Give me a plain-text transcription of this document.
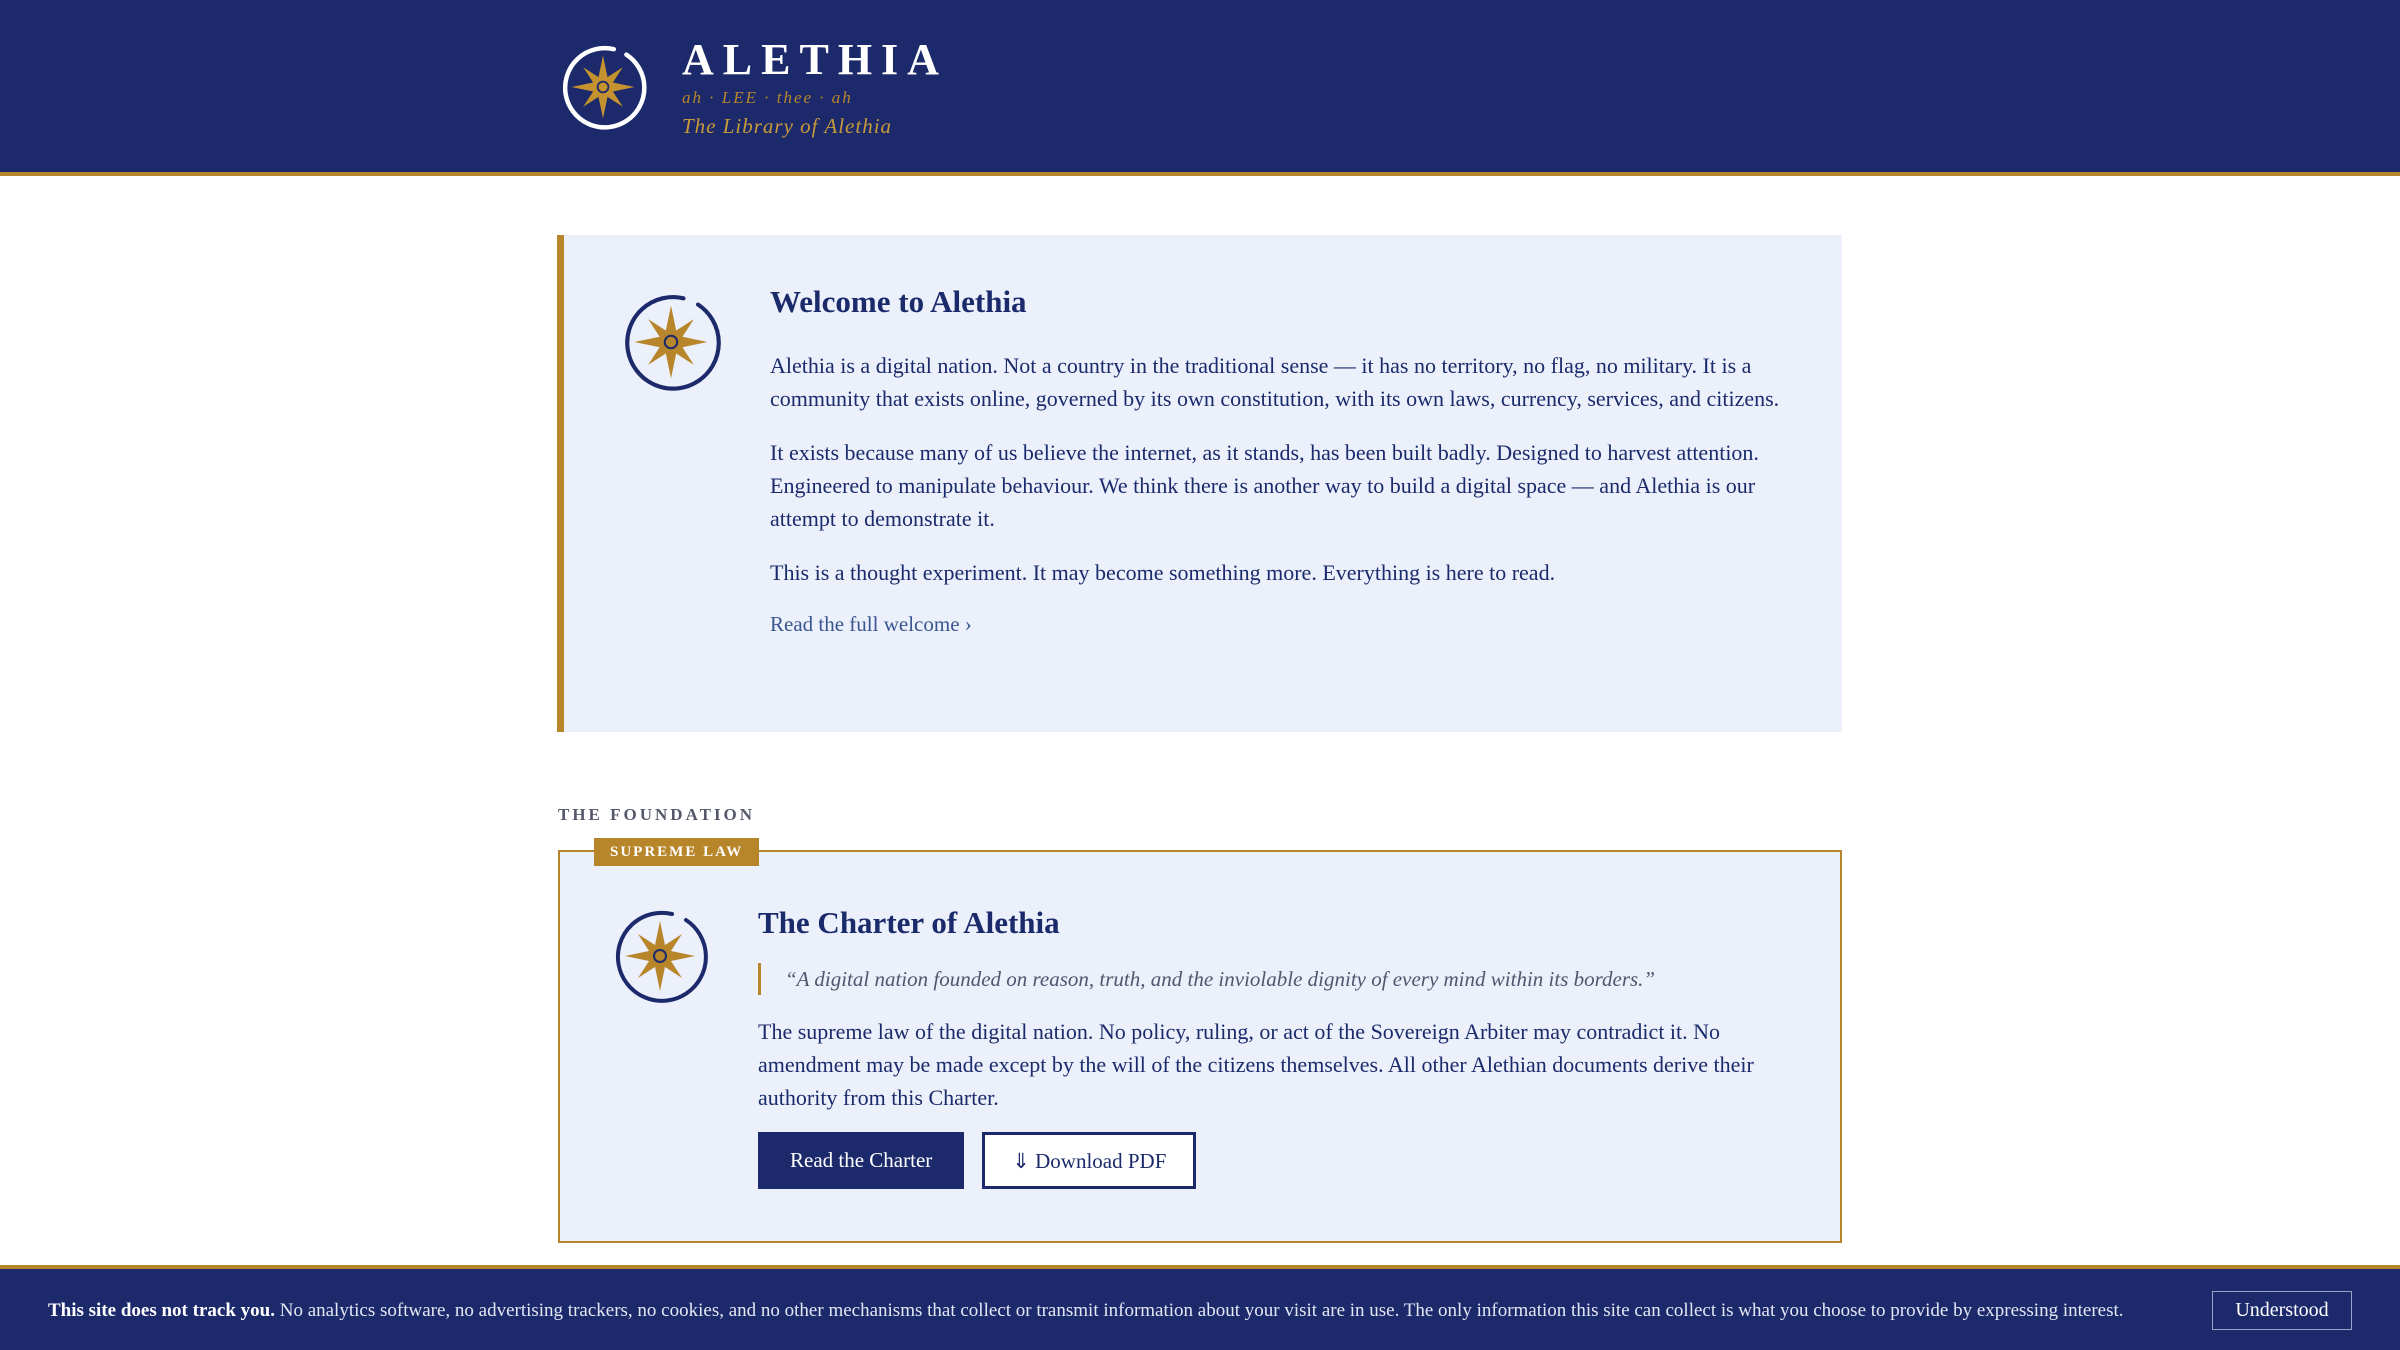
ALETHIA
ah · LEE · thee · ah
The Library of Alethia
Welcome to Alethia

Alethia is a digital nation. Not a country in the traditional sense — it has no territory, no flag, no military. It is a community that exists online, governed by its own constitution, with its own laws, currency, services, and citizens.

It exists because many of us believe the internet, as it stands, has been built badly. Designed to harvest attention. Engineered to manipulate behaviour. We think there is another way to build a digital space — and Alethia is our attempt to demonstrate it.

This is a thought experiment. It may become something more. Everything is here to read.

Read the full welcome ›
THE FOUNDATION
SUPREME LAW
The Charter of Alethia
“A digital nation founded on reason, truth, and the inviolable dignity of every mind within its borders.”

The supreme law of the digital nation. No policy, ruling, or act of the Sovereign Arbiter may contradict it. No amendment may be made except by the will of the citizens themselves. All other Alethian documents derive their authority from this Charter.

Read the Charter	⇓ Download PDF
This site does not track you. No analytics software, no advertising trackers, no cookies, and no other mechanisms that collect or transmit information about your visit are in use. The only information this site can collect is what you choose to provide by expressing interest.	Understood
